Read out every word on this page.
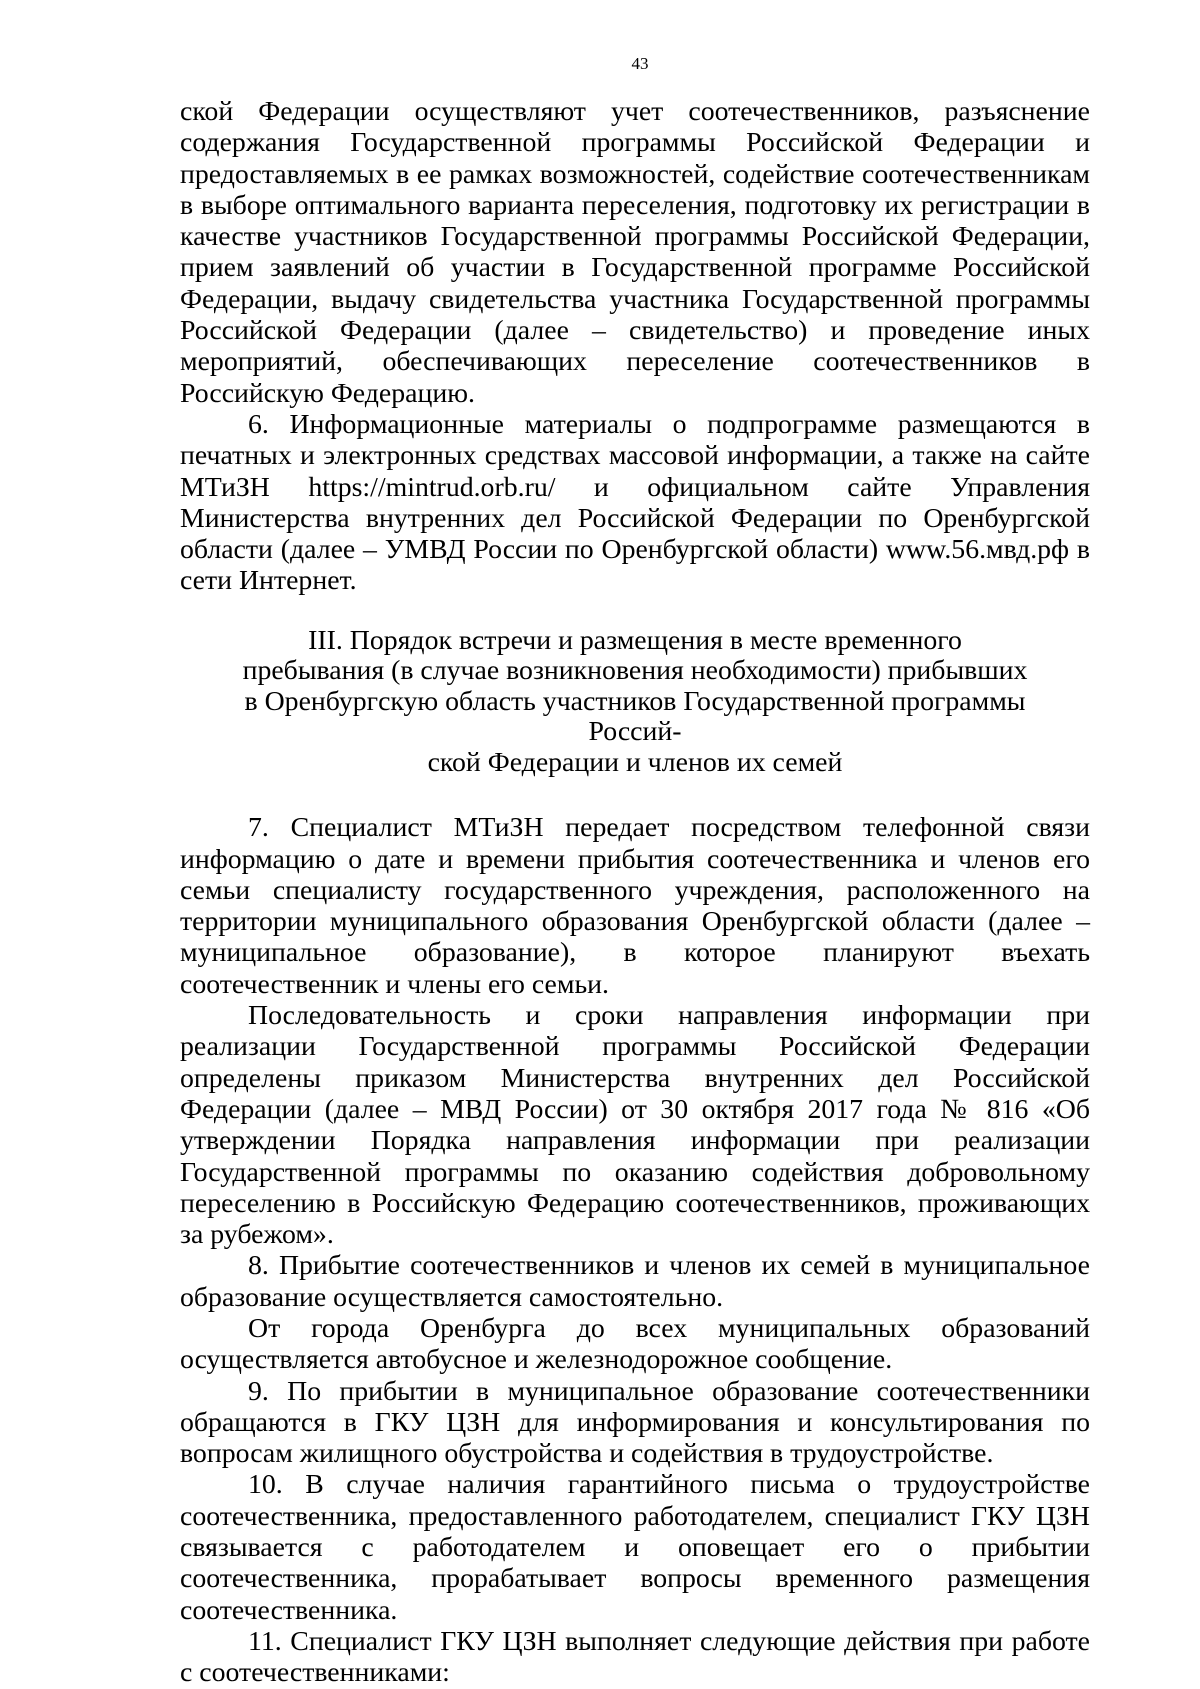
43

ской Федерации осуществляют учет соотечественников, разъяснение содержания Государственной программы Российской Федерации и предоставляемых в ее рамках возможностей, содействие соотечественникам в выборе оптимального варианта переселения, подготовку их регистрации в качестве участников Государственной программы Российской Федерации, прием заявлений об участии в Государственной программе Российской Федерации, выдачу свидетельства участника Государственной программы Российской Федерации (далее – свидетельство) и проведение иных мероприятий, обеспечивающих переселение соотечественников в Российскую Федерацию.

6. Информационные материалы о подпрограмме размещаются в печатных и электронных средствах массовой информации, а также на сайте МТиЗН https://mintrud.orb.ru/ и официальном сайте Управления Министерства внутренних дел Российской Федерации по Оренбургской области (далее – УМВД России по Оренбургской области) www.56.мвд.рф в сети Интернет.

III. Порядок встречи и размещения в месте временного
пребывания (в случае возникновения необходимости) прибывших
в Оренбургскую область участников Государственной программы Россий-
ской Федерации и членов их семей

7. Специалист МТиЗН передает посредством телефонной связи информацию о дате и времени прибытия соотечественника и членов его семьи специалисту государственного учреждения, расположенного на территории муниципального образования Оренбургской области (далее – муниципальное образование), в которое планируют въехать соотечественник и члены его семьи.

Последовательность и сроки направления информации при реализации Государственной программы Российской Федерации определены приказом Министерства внутренних дел Российской Федерации (далее – МВД России) от 30 октября 2017 года № 816 «Об утверждении Порядка направления информации при реализации Государственной программы по оказанию содействия добровольному переселению в Российскую Федерацию соотечественников, проживающих за рубежом».

8. Прибытие соотечественников и членов их семей в муниципальное образование осуществляется самостоятельно.

От города Оренбурга до всех муниципальных образований осуществляется автобусное и железнодорожное сообщение.

9. По прибытии в муниципальное образование соотечественники обращаются в ГКУ ЦЗН для информирования и консультирования по вопросам жилищного обустройства и содействия в трудоустройстве.

10. В случае наличия гарантийного письма о трудоустройстве соотечественника, предоставленного работодателем, специалист ГКУ ЦЗН связывается с работодателем и оповещает его о прибытии соотечественника, прорабатывает вопросы временного размещения соотечественника.

11. Специалист ГКУ ЦЗН выполняет следующие действия при работе с соотечественниками:
